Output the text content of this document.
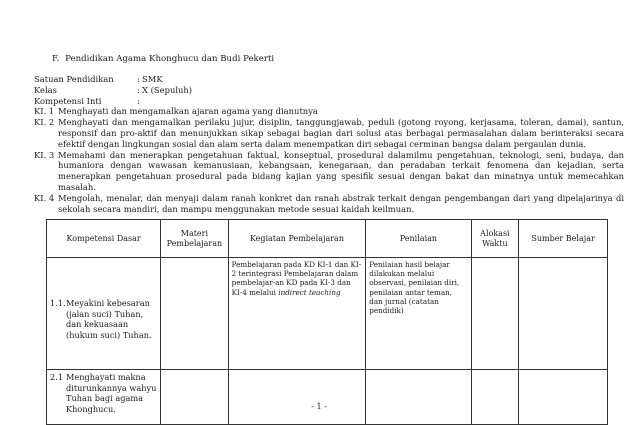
F. Pendidikan Agama Khonghucu dan Budi Pekerti
Satuan Pendidikan	: SMK
Kelas	: X (Sepuluh)
Kompetensi Inti	:
KI. 1 Menghayati dan mengamalkan ajaran agama yang dianutnya
KI. 2 Menghayati dan mengamalkan perilaku jujur, disiplin, tanggungjawab, peduli (gotong royong, kerjasama, toleran, damai), santun, responsif dan pro-aktif dan menunjukkan sikap sebagai bagian dari solusi atas berbagai permasalahan dalam berinteraksi secara efektif dengan lingkungan sosial dan alam serta dalam menempatkan diri sebagai cerminan bangsa dalam pergaulan dunia.
KI. 3 Memahami dan menerapkan pengetahuan faktual, konseptual, prosedural dalamilmu pengetahuan, teknologi, seni, budaya, dan humaniora dengan wawasan kemanusiaan, kebangsaan, kenegaraan, dan peradaban terkait fenomena dan kejadian, serta menerapkan pengetahuan prosedural pada bidang kajian yang spesifik sesuai dengan bakat dan minatnya untuk memecahkan masalah.
KI. 4 Mengolah, menalar, dan menyaji dalam ranah konkret dan ranah abstrak terkait dengan pengembangan dari yang dipelajarinya di sekolah secara mandiri, dan mampu menggunakan metode sesuai kaidah keilmuan.
Kompetensi Dasar	Materi Pembelajaran	Kegiatan Pembelajaran	Penilaian	Alokasi Waktu	Sumber Belajar

1.1. Meyakini kebesaran (jalan suci) Tuhan, dan kekuasaan (hukum suci) Tuhan.		Pembelajaran pada KD KI-1 dan KI-2 terintegrasi Pembelajaran dalam pembelajar-an KD pada KI-3 dan KI-4 melalui indirect teaching	Penilaian hasil belajar dilakukan melalui observasi, penilaian diri, penilaian antar teman, dan jurnal (catatan pendidik)		

2.1 Menghayati makna diturunkannya wahyu Tuhan bagi agama Khonghucu.					
						- 1 -
